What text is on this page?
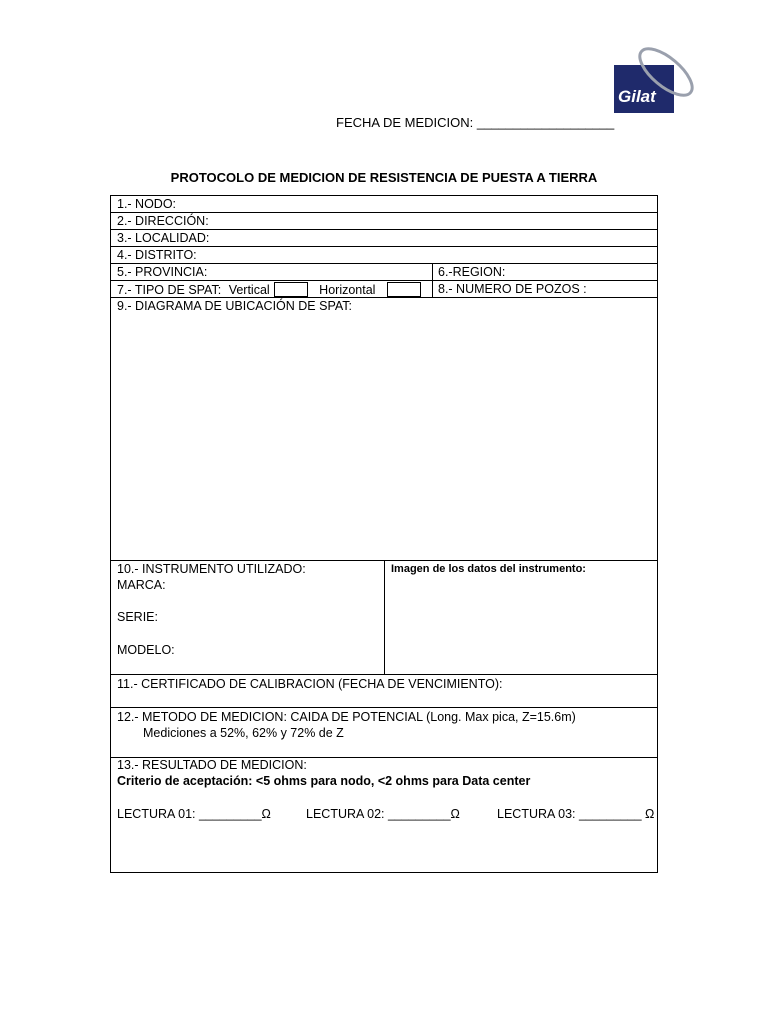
Gilat
FECHA DE MEDICION: ___________________
PROTOCOLO DE MEDICION DE RESISTENCIA DE PUESTA A TIERRA
1.- NODO:
2.- DIRECCIÓN:
3.- LOCALIDAD:
4.- DISTRITO:
5.- PROVINCIA:	6.-REGION:
7.- TIPO DE SPAT: Vertical	Horizontal	8.- NUMERO DE POZOS :
9.- DIAGRAMA DE UBICACIÓN DE SPAT:
10.- INSTRUMENTO UTILIZADO:
MARCA:
SERIE:
MODELO:
Imagen de los datos del instrumento:
11.- CERTIFICADO DE CALIBRACION (FECHA DE VENCIMIENTO):
12.- METODO DE MEDICION: CAIDA DE POTENCIAL (Long. Max pica, Z=15.6m)
Mediciones a 52%, 62% y 72% de Z
13.- RESULTADO DE MEDICION:
Criterio de aceptación: <5 ohms para nodo, <2 ohms para Data center
LECTURA 01: _________Ω	LECTURA 02: _________Ω	LECTURA 03: _________ Ω
